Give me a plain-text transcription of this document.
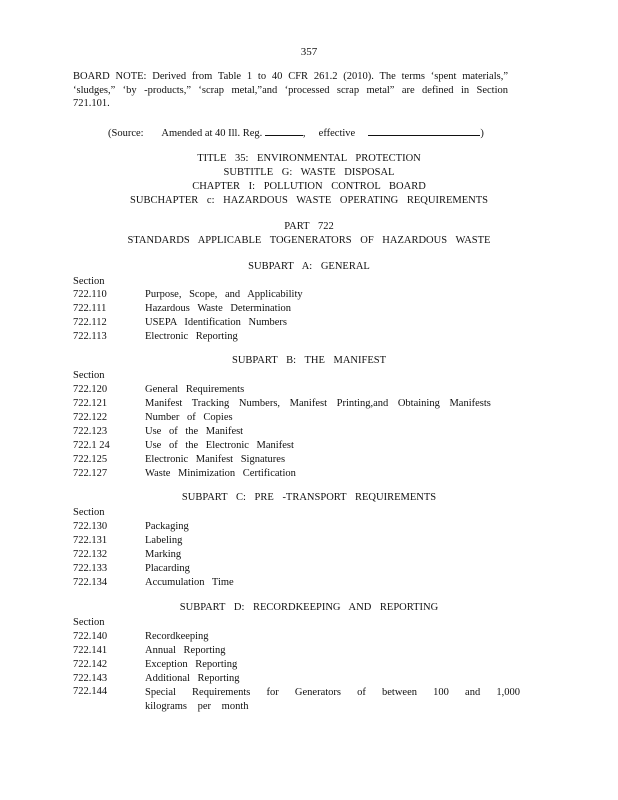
357
BOARD NOTE: Derived from Table 1 to 40 CFR 261.2 (2010). The terms ‘spent materials,” ‘sludges,” ‘by -products,” ‘scrap metal,”and ‘processed scrap metal” are defined in Section 721.101.
(Source: Amended at 40 Ill. Reg.	, effective	)
TITLE 35: ENVIRONMENTAL PROTECTION
SUBTITLE G: WASTE DISPOSAL
CHAPTER I: POLLUTION CONTROL BOARD
SUBCHAPTER c: HAZARDOUS WASTE OPERATING REQUIREMENTS
PART 722
STANDARDS APPLICABLE TOGENERATORS OF HAZARDOUS WASTE
SUBPART A: GENERAL
Section
722.110	Purpose, Scope, and Applicability
722.111	Hazardous Waste Determination
722.112	USEPA Identification Numbers
722.113	Electronic Reporting
SUBPART B: THE MANIFEST
Section
722.120	General Requirements
722.121	Manifest Tracking Numbers, Manifest Printing,and Obtaining Manifests
722.122	Number of Copies
722.123	Use of the Manifest
722.1 24	Use of the Electronic Manifest
722.125	Electronic Manifest Signatures
722.127	Waste Minimization Certification
SUBPART C: PRE -TRANSPORT REQUIREMENTS
Section
722.130	Packaging
722.131	Labeling
722.132	Marking
722.133	Placarding
722.134	Accumulation Time
SUBPART D: RECORDKEEPING AND REPORTING
Section
722.140	Recordkeeping
722.141	Annual Reporting
722.142	Exception Reporting
722.143	Additional Reporting
722.144	Special Requirements for Generators of between 100 and 1,000 kilograms per month
